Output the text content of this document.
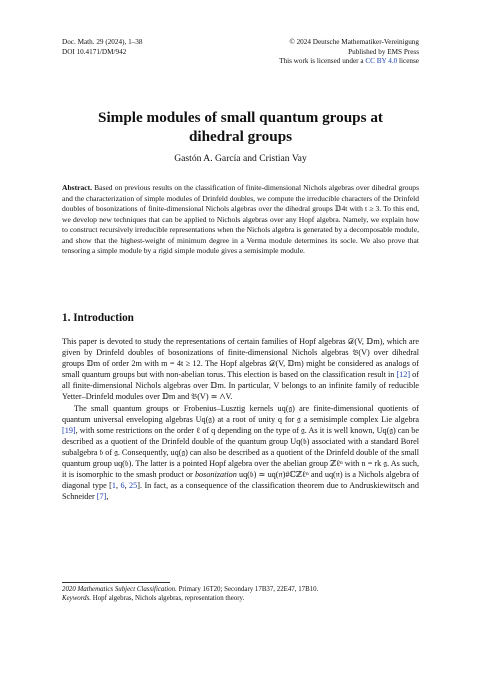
Doc. Math. 29 (2024), 1–38
DOI 10.4171/DM/942
© 2024 Deutsche Mathematiker-Vereinigung
Published by EMS Press
This work is licensed under a CC BY 4.0 license
Simple modules of small quantum groups at dihedral groups
Gastón A. García and Cristian Vay
Abstract. Based on previous results on the classification of finite-dimensional Nichols algebras over dihedral groups and the characterization of simple modules of Drinfeld doubles, we compute the irreducible characters of the Drinfeld doubles of bosonizations of finite-dimensional Nichols algebras over the dihedral groups 𝔻4t with t ≥ 3. To this end, we develop new techniques that can be applied to Nichols algebras over any Hopf algebra. Namely, we explain how to construct recursively irreducible representations when the Nichols algebra is generated by a decomposable module, and show that the highest-weight of minimum degree in a Verma module determines its socle. We also prove that tensoring a simple module by a rigid simple module gives a semisimple module.
1. Introduction

This paper is devoted to study the representations of certain families of Hopf algebras 𝒟(V, 𝔻m), which are given by Drinfeld doubles of bosonizations of finite-dimensional Nichols algebras 𝔅(V) over dihedral groups 𝔻m of order 2m with m = 4t ≥ 12. The Hopf algebras 𝒟(V, 𝔻m) might be considered as analogs of small quantum groups but with non-abelian torus. This election is based on the classification result in [12] of all finite-dimensional Nichols algebras over 𝔻m. In particular, V belongs to an infinite family of reducible Yetter–Drinfeld modules over 𝔻m and 𝔅(V) ≃ ⋀V.

The small quantum groups or Frobenius–Lusztig kernels uq(𝔤) are finite-dimensional quotients of quantum universal enveloping algebras Uq(𝔤) at a root of unity q for 𝔤 a semisimple complex Lie algebra [19], with some restrictions on the order ℓ of q depending on the type of 𝔤. As it is well known, Uq(𝔤) can be described as a quotient of the Drinfeld double of the quantum group Uq(𝔟) associated with a standard Borel subalgebra 𝔟 of 𝔤. Consequently, uq(𝔤) can also be described as a quotient of the Drinfeld double of the small quantum group uq(𝔟). The latter is a pointed Hopf algebra over the abelian group ℤℓⁿ with n = rk 𝔤. As such, it is isomorphic to the smash product or bosonization uq(𝔟) ≃ uq(𝔫)#ℂℤℓⁿ and uq(𝔫) is a Nichols algebra of diagonal type [1, 6, 25]. In fact, as a consequence of the classification theorem due to Andruskiewitsch and Schneider [7],

2020 Mathematics Subject Classification. Primary 16T20; Secondary 17B37, 22E47, 17B10.
Keywords. Hopf algebras, Nichols algebras, representation theory.
